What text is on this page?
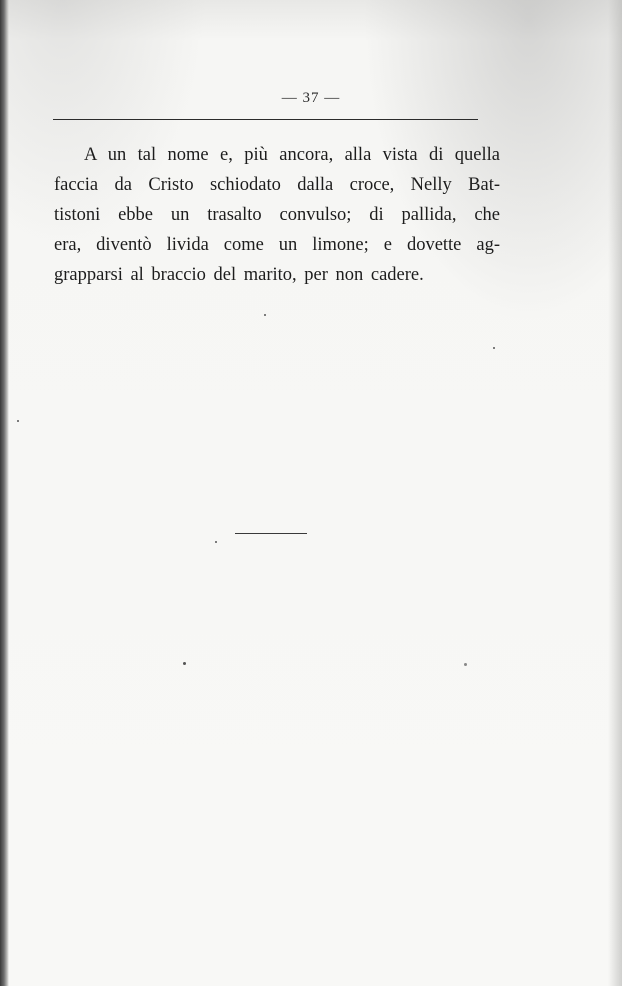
— 37 —
A un tal nome e, più ancora, alla vista di quella
faccia da Cristo schiodato dalla croce, Nelly Bat-
tistoni ebbe un trasalto convulso; di pallida, che
era, diventò livida come un limone; e dovette ag-
grapparsi al braccio del marito, per non cadere.
